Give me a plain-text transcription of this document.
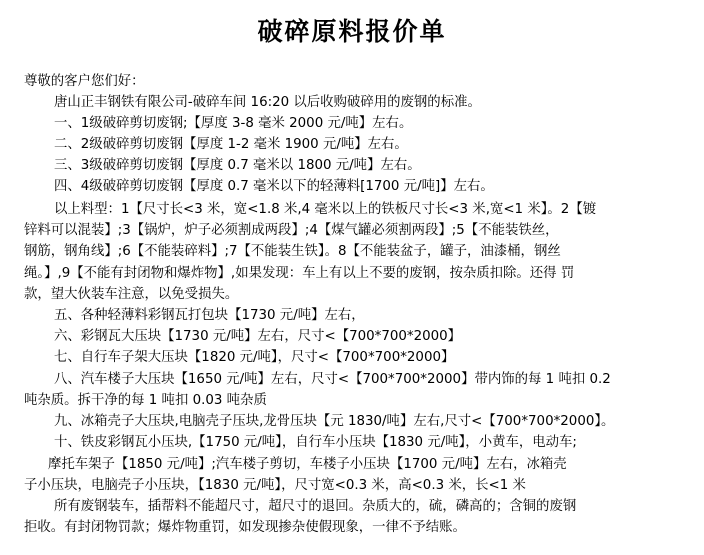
破碎原料报价单
尊敬的客户您们好：
唐山正丰钢铁有限公司-破碎车间 16:20 以后收购破碎用的废钢的标准。
一、1级破碎剪切废钢;【厚度 3-8 毫米 2000 元/吨】左右。
二、2级破碎剪切废钢【厚度 1-2 毫米 1900 元/吨】左右。
三、3级破碎剪切废钢【厚度 0.7 毫米以 1800 元/吨】左右。
四、4级破碎剪切废钢【厚度 0.7 毫米以下的轻薄料[1700 元/吨]】左右。
以上料型：1【尺寸长<3 米，宽<1.8 米,4 毫米以上的铁板尺寸长<3 米,宽<1 米】。2【镀
锌料可以混装】;3【锅炉，炉子必须割成两段】;4【煤气罐必须割两段】;5【不能装铁丝，
钢筋，钢角线】;6【不能装碎料】;7【不能装生铁】。8【不能装盆子，罐子，油漆桶，钢丝
绳。】,9【不能有封闭物和爆炸物】,如果发现：车上有以上不要的废钢，按杂质扣除。还得 罚
款，望大伙装车注意，以免受损失。
五、各种轻薄料彩钢瓦打包块【1730 元/吨】左右，
六、彩钢瓦大压块【1730 元/吨】左右，尺寸<【700*700*2000】
七、自行车子架大压块【1820 元/吨】，尺寸<【700*700*2000】
八、汽车楼子大压块【1650 元/吨】左右，尺寸<【700*700*2000】带内饰的每 1 吨扣 0.2
吨杂质。拆干净的每 1 吨扣 0.03 吨杂质
九、冰箱壳子大压块,电脑壳子压块,龙骨压块【元 1830/吨】左右,尺寸<【700*700*2000】。
十、铁皮彩钢瓦小压块,【1750 元/吨】，自行车小压块【1830 元/吨】，小黄车，电动车;
摩托车架子【1850 元/吨】;汽车楼子剪切，车楼子小压块【1700 元/吨】左右，冰箱壳
子小压块，电脑壳子小压块，【1830 元/吨】，尺寸宽<0.3 米，高<0.3 米，长<1 米
所有废钢装车，插帮料不能超尺寸，超尺寸的退回。杂质大的，硫，磷高的；含铜的废钢
拒收。有封闭物罚款；爆炸物重罚，如发现掺杂使假现象，一律不予结账。
